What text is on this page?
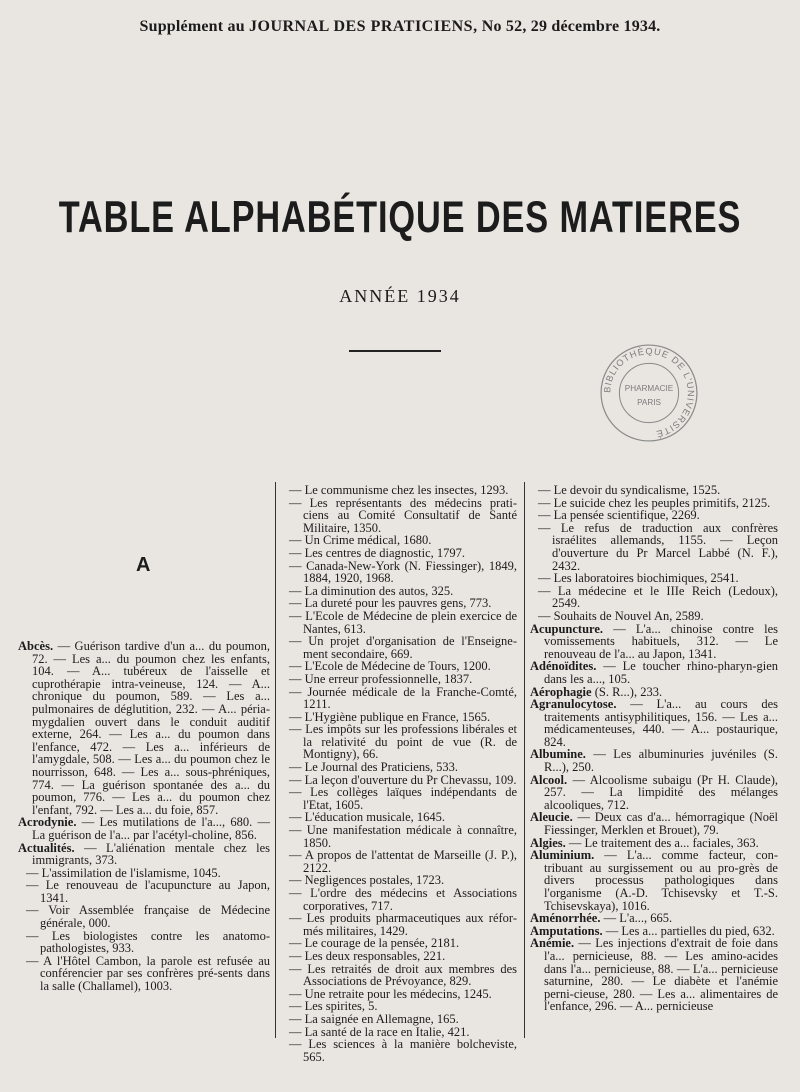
Supplément au JOURNAL DES PRATICIENS, No 52, 29 décembre 1934.
TABLE ALPHABÉTIQUE DES MATIERES
ANNÉE 1934
BIBLIOTHÈQUE DE L'UNIVERSITÉ
PHARMACIE
PARIS
A

Abcès. — Guérison tardive d'un a... du poumon, 72. — Les a... du poumon chez les enfants, 104. — A... tubéreux de l'aisselle et cuprothérapie intra-veineuse, 124. — A... chronique du poumon, 589. — Les a... pulmonaires de déglutition, 232. — A... péria-mygdalien ouvert dans le conduit auditif externe, 264. — Les a... du poumon dans l'enfance, 472. — Les a... inférieurs de l'amygdale, 508. — Les a... du poumon chez le nourrisson, 648. — Les a... sous-phréniques, 774. — La guérison spontanée des a... du poumon, 776. — Les a... du poumon chez l'enfant, 792. — Les a... du foie, 857.

Acrodynie. — Les mutilations de l'a..., 680. — La guérison de l'a... par l'acétyl-choline, 856.

Actualités. — L'aliénation mentale chez les immigrants, 373.

— L'assimilation de l'islamisme, 1045.

— Le renouveau de l'acupuncture au Japon, 1341.

— Voir Assemblée française de Médecine générale, 000.

— Les biologistes contre les anatomo-pathologistes, 933.

— A l'Hôtel Cambon, la parole est refusée au conférencier par ses confrères pré-sents dans la salle (Challamel), 1003.

— Le communisme chez les insectes, 1293.

— Les représentants des médecins prati-ciens au Comité Consultatif de Santé Militaire, 1350.

— Un Crime médical, 1680.

— Les centres de diagnostic, 1797.

— Canada-New-York (N. Fiessinger), 1849, 1884, 1920, 1968.

— La diminution des autos, 325.

— La dureté pour les pauvres gens, 773.

— L'Ecole de Médecine de plein exercice de Nantes, 613.

— Un projet d'organisation de l'Enseigne-ment secondaire, 669.

— L'Ecole de Médecine de Tours, 1200.

— Une erreur professionnelle, 1837.

— Journée médicale de la Franche-Comté, 1211.

— L'Hygiène publique en France, 1565.

— Les impôts sur les professions libérales et la relativité du point de vue (R. de Montigny), 66.

— Le Journal des Praticiens, 533.

— La leçon d'ouverture du Pr Chevassu, 109.

— Les collèges laïques indépendants de l'Etat, 1605.

— L'éducation musicale, 1645.

— Une manifestation médicale à connaître, 1850.

— A propos de l'attentat de Marseille (J. P.), 2122.

— Negligences postales, 1723.

— L'ordre des médecins et Associations corporatives, 717.

— Les produits pharmaceutiques aux réfor-més militaires, 1429.

— Le courage de la pensée, 2181.

— Les deux responsables, 221.

— Les retraités de droit aux membres des Associations de Prévoyance, 829.

— Une retraite pour les médecins, 1245.

— Les spirites, 5.

— La saignée en Allemagne, 165.

— La santé de la race en Italie, 421.

— Les sciences à la manière bolcheviste, 565.

— Le devoir du syndicalisme, 1525.

— Le suicide chez les peuples primitifs, 2125.

— La pensée scientifique, 2269.

— Le refus de traduction aux confrères israélites allemands, 1155. — Leçon d'ouverture du Pr Marcel Labbé (N. F.), 2432.

— Les laboratoires biochimiques, 2541.

— La médecine et le IIIe Reich (Ledoux), 2549.

— Souhaits de Nouvel An, 2589.

Acupuncture. — L'a... chinoise contre les vomissements habituels, 312. — Le renouveau de l'a... au Japon, 1341.

Adénoïdites. — Le toucher rhino-pharyn-gien dans les a..., 105.

Aérophagie (S. R...), 233.

Agranulocytose. — L'a... au cours des traitements antisyphilitiques, 156. — Les a... médicamenteuses, 440. — A... postaurique, 824.

Albumine. — Les albuminuries juvéniles (S. R...), 250.

Alcool. — Alcoolisme subaigu (Pr H. Claude), 257. — La limpidité des mélanges alcooliques, 712.

Aleucie. — Deux cas d'a... hémorragique (Noël Fiessinger, Merklen et Brouet), 79.

Algies. — Le traitement des a... faciales, 363.

Aluminium. — L'a... comme facteur, con-tribuant au surgissement ou au pro-grès de divers processus pathologiques dans l'organisme (A.-D. Tchisevsky et T.-S. Tchisevskaya), 1016.

Aménorrhée. — L'a..., 665.

Amputations. — Les a... partielles du pied, 632.

Anémie. — Les injections d'extrait de foie dans l'a... pernicieuse, 88. — Les amino-acides dans l'a... pernicieuse, 88. — L'a... pernicieuse saturnine, 280. — Le diabète et l'anémie perni-cieuse, 280. — Les a... alimentaires de l'enfance, 296. — A... pernicieuse
